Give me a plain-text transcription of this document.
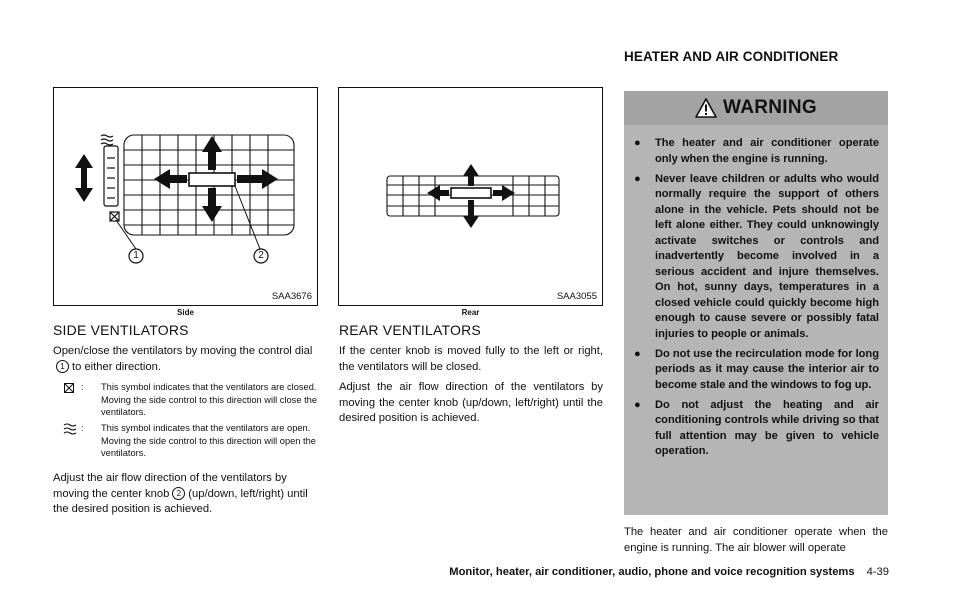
HEATER AND AIR CONDITIONER
1	2
SAA3676
Side
SAA3055
Rear
SIDE VENTILATORS
Open/close the ventilators by moving the control dial1 to either direction.
: This symbol indicates that the ventilators are closed. Moving the side control to this direction will close the ventilators.
: This symbol indicates that the ventilators are open. Moving the side control to this direction will open the ventilators.
Adjust the air flow direction of the ventilators by moving the center knob 2 (up/down, left/right) until the desired position is achieved.
REAR VENTILATORS
If the center knob is moved fully to the left or right, the ventilators will be closed.
Adjust the air flow direction of the ventilators by moving the center knob (up/down, left/right) until the desired position is achieved.
WARNING
● The heater and air conditioner operate only when the engine is running.
● Never leave children or adults who would normally require the support of others alone in the vehicle. Pets should not be left alone either. They could unknowingly activate switches or controls and inadvertently become involved in a serious accident and injure themselves. On hot, sunny days, temperatures in a closed vehicle could quickly become high enough to cause severe or possibly fatal injuries to people or animals.
● Do not use the recirculation mode for long periods as it may cause the interior air to become stale and the windows to fog up.
● Do not adjust the heating and air conditioning controls while driving so that full attention may be given to vehicle operation.
The heater and air conditioner operate when the engine is running. The air blower will operate
Monitor, heater, air conditioner, audio, phone and voice recognition systems 4-39
